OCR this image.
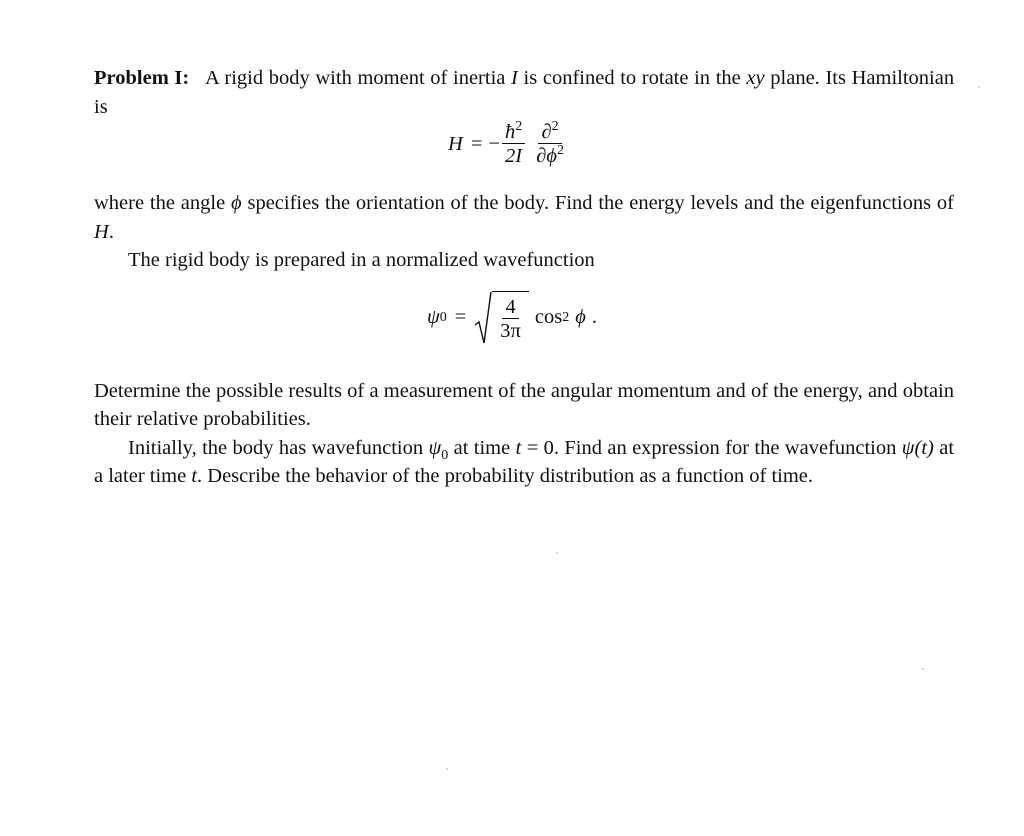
Problem I: A rigid body with moment of inertia I is confined to rotate in the xy plane. Its Hamiltonian is

H = − $\frac{ħ^2}{2I} \frac{\partial^2}{\partial\phi^2}$

where the angle ϕ specifies the orientation of the body. Find the energy levels and the eigenfunctions of H.

The rigid body is prepared in a normalized wavefunction

ψ $0 = \frac{4}{3\pi}$ cos 2 ϕ .

Determine the possible results of a measurement of the angular momentum and of the energy, and obtain their relative probabilities.

Initially, the body has wavefunction $\psi_0$ at time t = 0. Find an expression for the wavefunction ψ(t) at a later time t. Describe the behavior of the probability distribution as a function of time.
